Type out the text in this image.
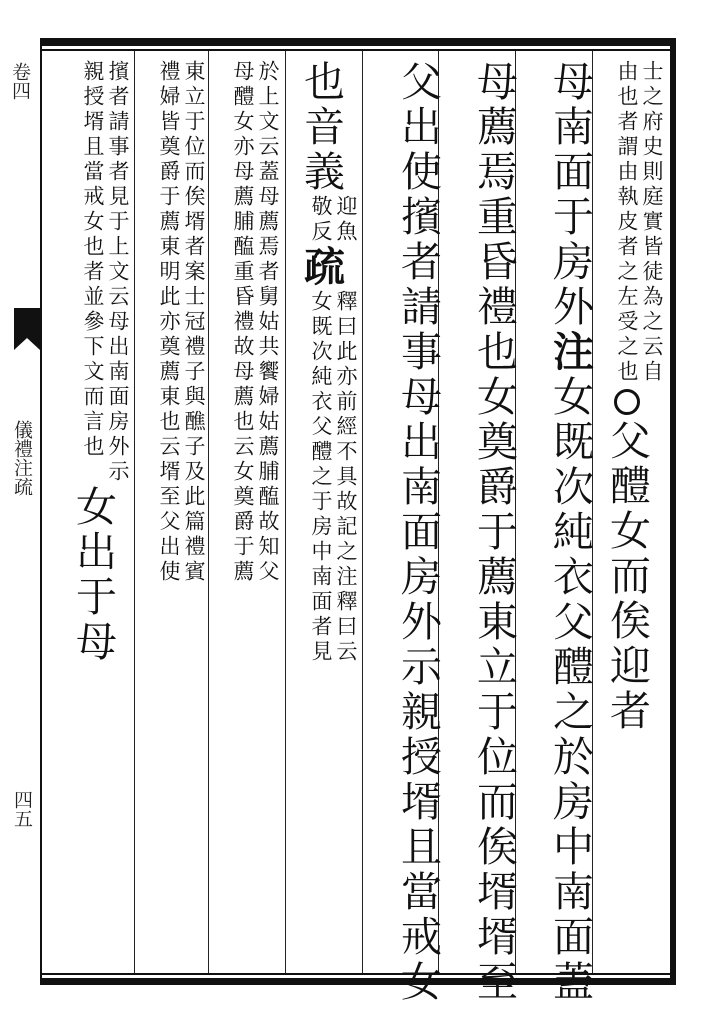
卷四
儀禮注疏
四五
士之府史則庭實皆徒為之云自
由也者謂由執皮者之左受之也
父醴女而俟迎者
母南面于房外注女既次純衣父醴之於房中南面蓋
母薦焉重昏禮也女奠爵于薦東立于位而俟壻壻至
父出使擯者請事母出南面房外示親授壻且當戒女
也音義
迎魚
敬反
疏
釋曰此亦前經不具故記之注釋曰云
女既次純衣父醴之于房中南面者見
於上文云蓋母薦焉者舅姑共饗婦姑薦脯醢故知父
母醴女亦母薦脯醢重昏禮故母薦也云女奠爵于薦
東立于位而俟壻者案士冠禮子與醮子及此篇禮賓
禮婦皆奠爵于薦東明此亦奠薦東也云壻至父出使
擯者請事者見于上文云母出南面房外示
親授壻且當戒女也者並參下文而言也
女出于母
